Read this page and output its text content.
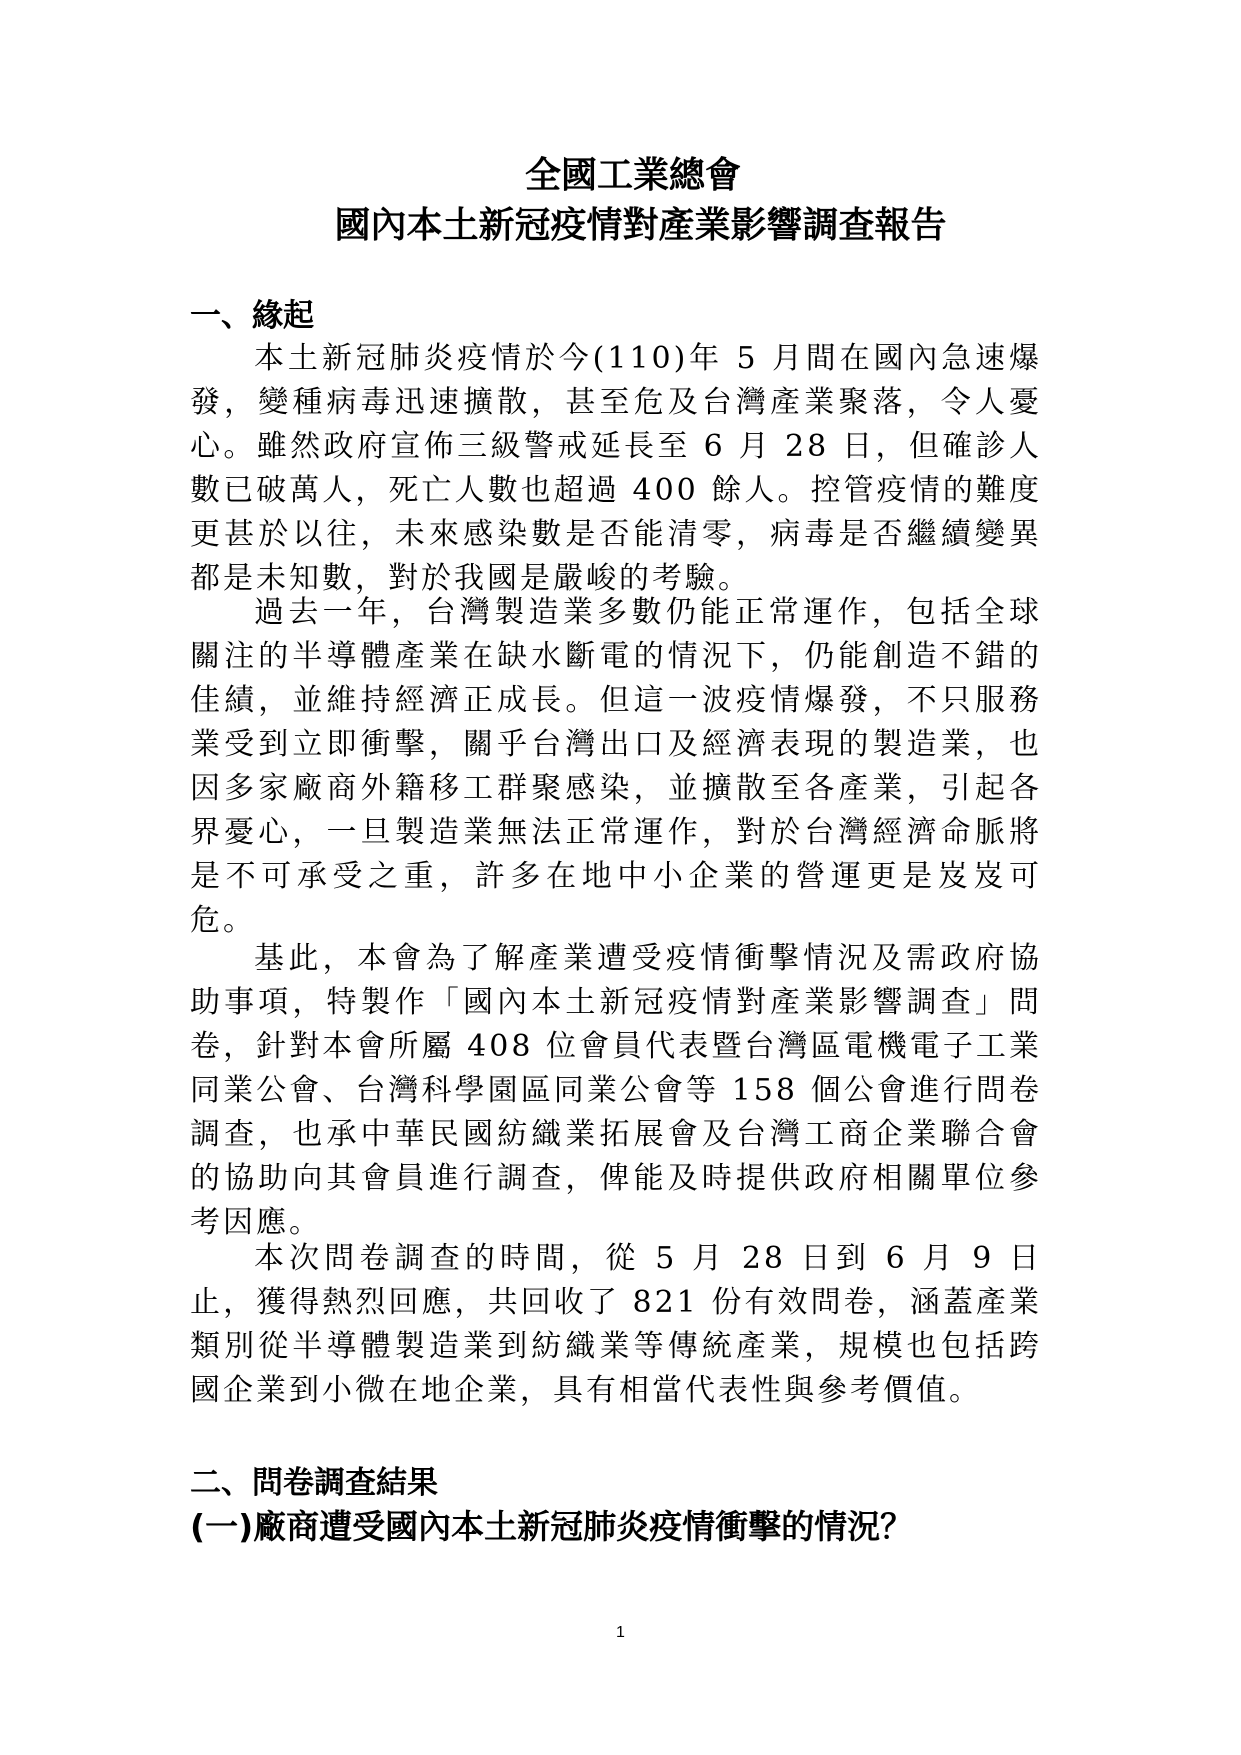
全國工業總會
國內本土新冠疫情對產業影響調查報告
一、緣起
本土新冠肺炎疫情於今(110)年 5 月間在國內急速爆發，變種病毒迅速擴散，甚至危及台灣產業聚落，令人憂心。雖然政府宣佈三級警戒延長至 6 月 28 日，但確診人數已破萬人，死亡人數也超過 400 餘人。控管疫情的難度更甚於以往，未來感染數是否能清零，病毒是否繼續變異都是未知數，對於我國是嚴峻的考驗。
過去一年，台灣製造業多數仍能正常運作，包括全球關注的半導體產業在缺水斷電的情況下，仍能創造不錯的佳績，並維持經濟正成長。但這一波疫情爆發，不只服務業受到立即衝擊，關乎台灣出口及經濟表現的製造業，也因多家廠商外籍移工群聚感染，並擴散至各產業，引起各界憂心，一旦製造業無法正常運作，對於台灣經濟命脈將是不可承受之重，許多在地中小企業的營運更是岌岌可危。
基此，本會為了解產業遭受疫情衝擊情況及需政府協助事項，特製作「國內本土新冠疫情對產業影響調查」問卷，針對本會所屬 408 位會員代表暨台灣區電機電子工業同業公會、台灣科學園區同業公會等 158 個公會進行問卷調查，也承中華民國紡織業拓展會及台灣工商企業聯合會的協助向其會員進行調查，俾能及時提供政府相關單位參考因應。
本次問卷調查的時間，從 5 月 28 日到 6 月 9 日止，獲得熱烈回應，共回收了 821 份有效問卷，涵蓋產業類別從半導體製造業到紡織業等傳統產業，規模也包括跨國企業到小微在地企業，具有相當代表性與參考價值。
二、問卷調查結果
(一)廠商遭受國內本土新冠肺炎疫情衝擊的情況？
1
